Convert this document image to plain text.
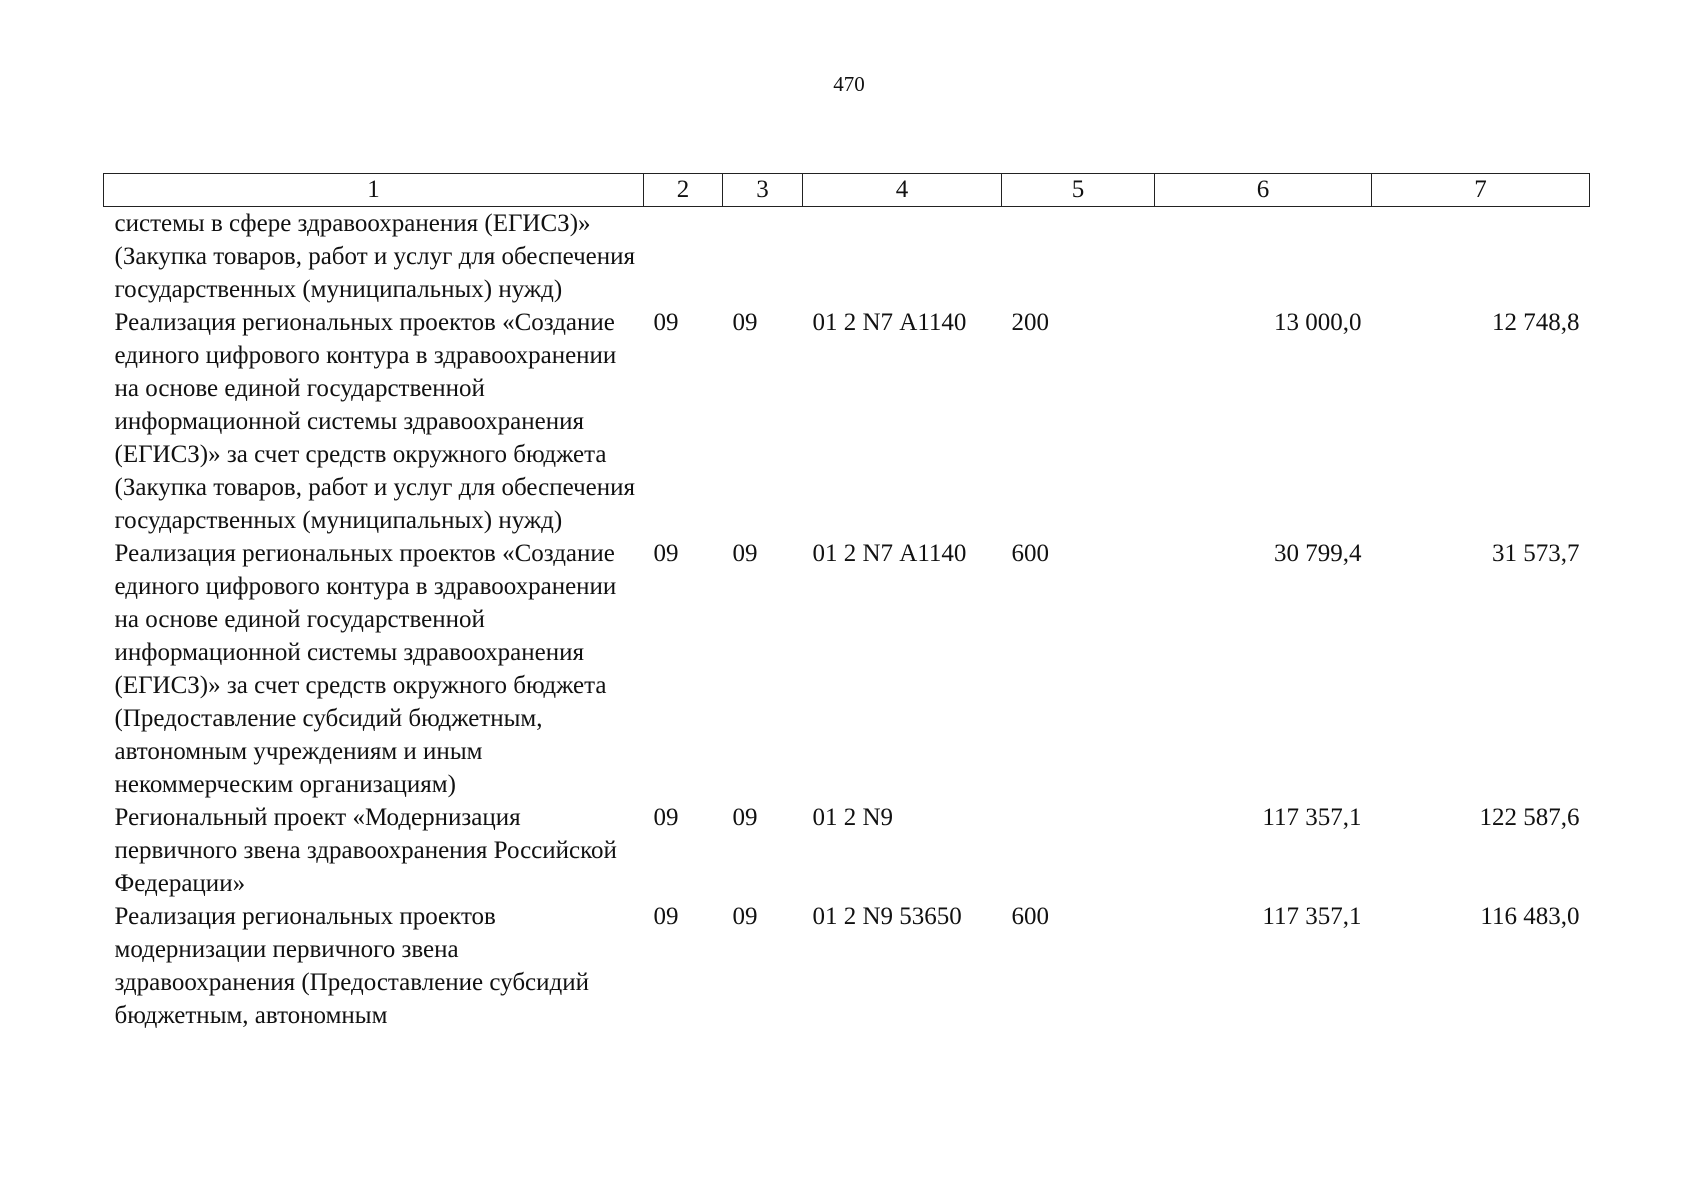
470
1	2	3	4	5	6	7
системы в сфере здравоохранения (ЕГИСЗ)» (Закупка товаров, работ и услуг для обеспечения государственных (муниципальных) нужд)						
Реализация региональных проектов «Создание единого цифрового контура в здравоохранении на основе единой государственной информационной системы здравоохранения (ЕГИСЗ)» за счет средств окружного бюджета (Закупка товаров, работ и услуг для обеспечения государственных (муниципальных) нужд)	09	09	01 2 N7 А1140	200	13 000,0	12 748,8
Реализация региональных проектов «Создание единого цифрового контура в здравоохранении на основе единой государственной информационной системы здравоохранения (ЕГИСЗ)» за счет средств окружного бюджета (Предоставление субсидий бюджетным, автономным учреждениям и иным некоммерческим организациям)	09	09	01 2 N7 А1140	600	30 799,4	31 573,7
Региональный проект «Модернизация первичного звена здравоохранения Российской Федерации»	09	09	01 2 N9		117 357,1	122 587,6
Реализация региональных проектов модернизации первичного звена здравоохранения (Предоставление субсидий бюджетным, автономным	09	09	01 2 N9 53650	600	117 357,1	116 483,0
